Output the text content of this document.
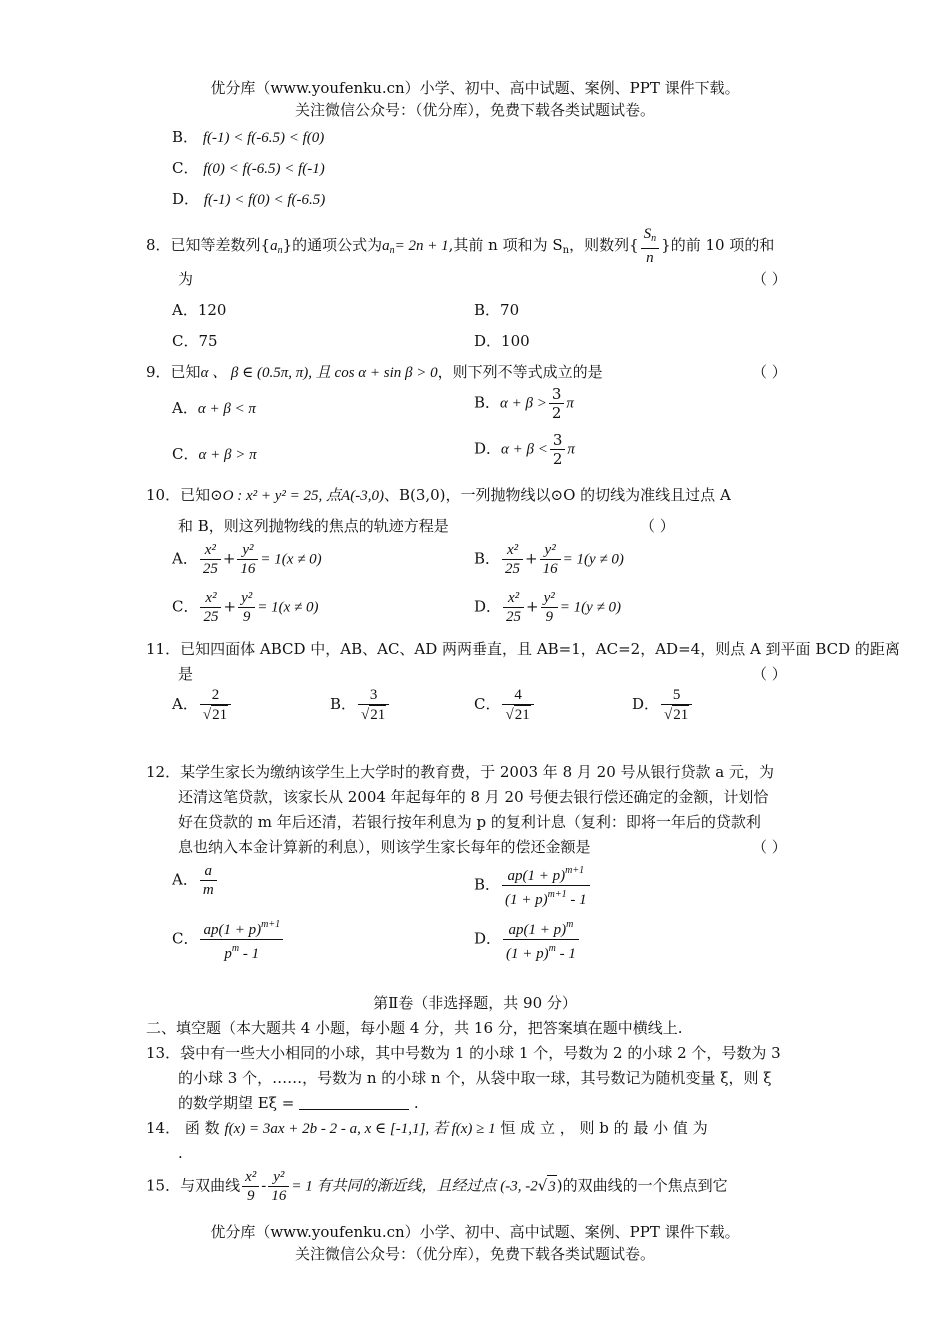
优分库（www.youfenku.cn）小学、初中、高中试题、案例、PPT 课件下载。
关注微信公众号：（优分库），免费下载各类试题试卷。
B． f(-1) < f(-6.5) < f(0)
C． f(0) < f(-6.5) < f(-1)
D． f(-1) < f(0) < f(-6.5)
8．已知等差数列$\{a_n\}$的通项公式为$a_n= 2n + 1$,其前 n 项和为 $S_n$，则数列{ $\frac{S_n}{n}$ }的前 10 项的和
为	（ ）
A．120	B．70
C．75	D．100
9．已知α 、 β ∈ (0.5π, π), 且 cos α + sin β > 0，则下列不等式成立的是	（ ）
A．α + β < π	B．$\alpha + \beta > \frac{3}{2}$ π
C．α + β > π	D．$\alpha + \beta < \frac{3}{2}$ π
10．已知⊙O : x² + y² = 25, 点A(-3,0)、B(3,0)，一列抛物线以⊙O 的切线为准线且过点 A
和 B，则这列抛物线的焦点的轨迹方程是	（ ）
A． $\frac{\text{x²}}{25} + \frac{\text{y²}}{16} = 1(x \ne 0)$	B． $\frac{\text{x²}}{25} + \frac{\text{y²}}{16} = 1(y \ne 0)$
C． $\frac{\text{x²}}{25} + \frac{\text{y²}}{9} = 1(x \ne 0)$	D． $\frac{\text{x²}}{25} + \frac{\text{y²}}{9} = 1(y \ne 0)$
11．已知四面体 ABCD 中，AB、AC、AD 两两垂直，且 AB=1，AC=2，AD=4，则点 A 到平面 BCD 的距离
是	（ ）
A． $\frac{2}{√21}$	B． $\frac{3}{√21}$	C． $\frac{4}{√21}$	D． $\frac{5}{√21}$
12．某学生家长为缴纳该学生上大学时的教育费，于 2003 年 8 月 20 号从银行贷款 a 元，为
还清这笔贷款，该家长从 2004 年起每年的 8 月 20 号便去银行偿还确定的金额，计划恰
好在贷款的 m 年后还清，若银行按年利息为 p 的复利计息（复利：即将一年后的贷款利
息也纳入本金计算新的利息），则该学生家长每年的偿还金额是	（ ）
A． $\frac{a}{m}$	B． $\frac{ap(1 + p)^{m+1}}{(1 + p)^{m+1} - 1}$
C． $\frac{ap(1 + p)^{m+1}}{p^m - 1}$	D． $\frac{ap(1 + p)^m}{(1 + p)^m - 1}$
第Ⅱ卷（非选择题，共 90 分）
二、填空题（本大题共 4 小题，每小题 4 分，共 16 分，把答案填在题中横线上.
13．袋中有一些大小相同的小球，其中号数为 1 的小球 1 个，号数为 2 的小球 2 个，号数为 3
的小球 3 个，……，号数为 n 的小球 n 个，从袋中取一球，其号数记为随机变量 ξ，则 ξ
的数学期望 Eξ =	.
14． 函 数 f(x) = 3ax + 2b - 2 - a, x ∈ [-1,1], 若 f(x) ≥ 1 恒 成 立 ， 则 b 的 最 小 值 为
.
15．与双曲线 $\frac{\text{x²}}{9} - \frac{\text{y²}}{16} = 1$ 有共同的渐近线，且经过点 (-3, -2√3)的双曲线的一个焦点到它
优分库（www.youfenku.cn）小学、初中、高中试题、案例、PPT 课件下载。
关注微信公众号：（优分库），免费下载各类试题试卷。
